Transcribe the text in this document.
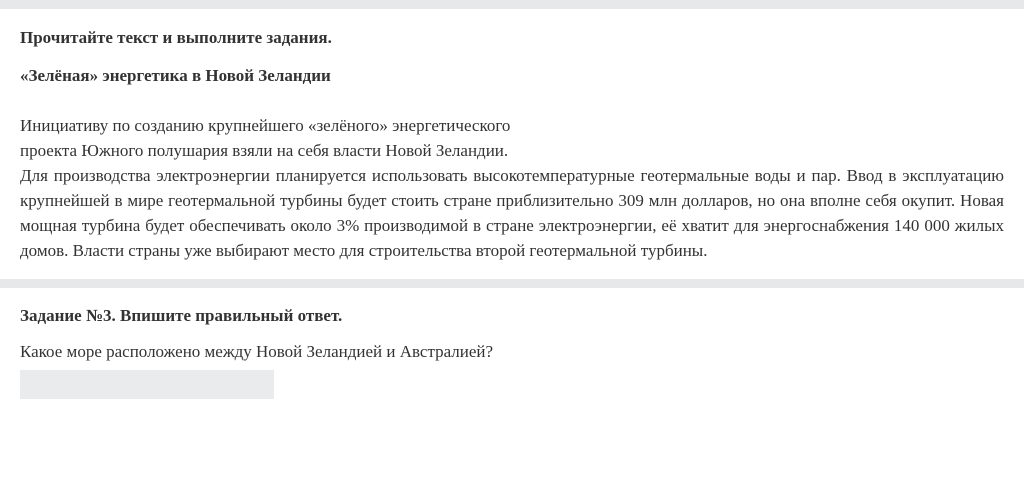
Прочитайте текст и выполните задания.

«Зелёная» энергетика в Новой Зеландии

Инициативу по созданию крупнейшего «зелёного» энергетического
проекта Южного полушария взяли на себя власти Новой Зеландии.
Для производства электроэнергии планируется использовать высокотемпературные геотермальные воды и пар. Ввод в эксплуатацию крупнейшей в мире геотермальной турбины будет стоить стране приблизительно 309 млн долларов, но она вполне себя окупит. Новая мощная турбина будет обеспечивать около 3% производимой в стране электроэнергии, её хватит для энергоснабжения 140 000 жилых домов. Власти страны уже выбирают место для строительства второй геотермальной турбины.

Задание №3. Впишите правильный ответ.

Какое море расположено между Новой Зеландией и Австралией?
